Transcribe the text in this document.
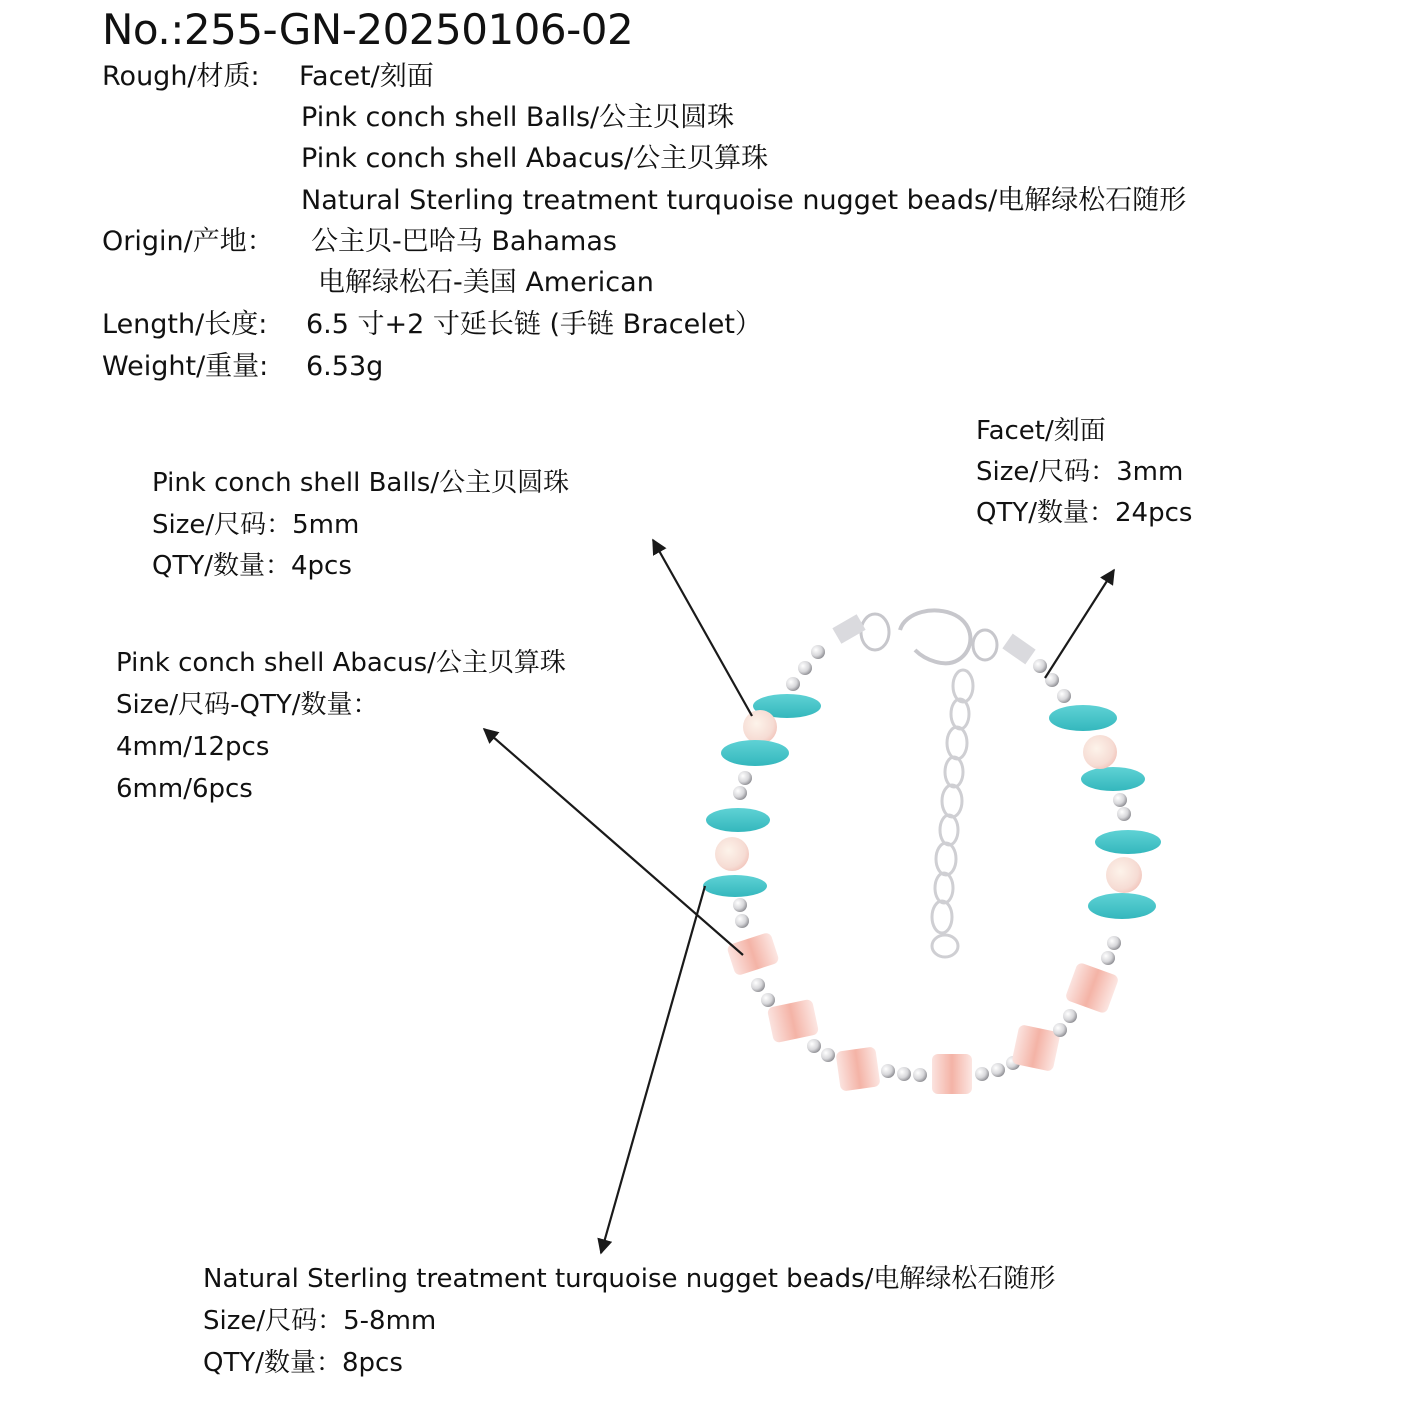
No.:255-GN-20250106-02
Rough/材质: Facet/刻面
Pink conch shell Balls/公主贝圆珠
Pink conch shell Abacus/公主贝算珠
Natural Sterling treatment turquoise nugget beads/电解绿松石随形
Origin/产地： 公主贝-巴哈马 Bahamas
电解绿松石-美国 American
Length/长度: 6.5 寸+2 寸延长链 (手链 Bracelet）
Weight/重量: 6.53g
Facet/刻面
Size/尺码：3mm
QTY/数量：24pcs
Pink conch shell Balls/公主贝圆珠
Size/尺码：5mm
QTY/数量：4pcs
Pink conch shell Abacus/公主贝算珠
Size/尺码-QTY/数量：
4mm/12pcs
6mm/6pcs
Natural Sterling treatment turquoise nugget beads/电解绿松石随形
Size/尺码：5-8mm
QTY/数量：8pcs
